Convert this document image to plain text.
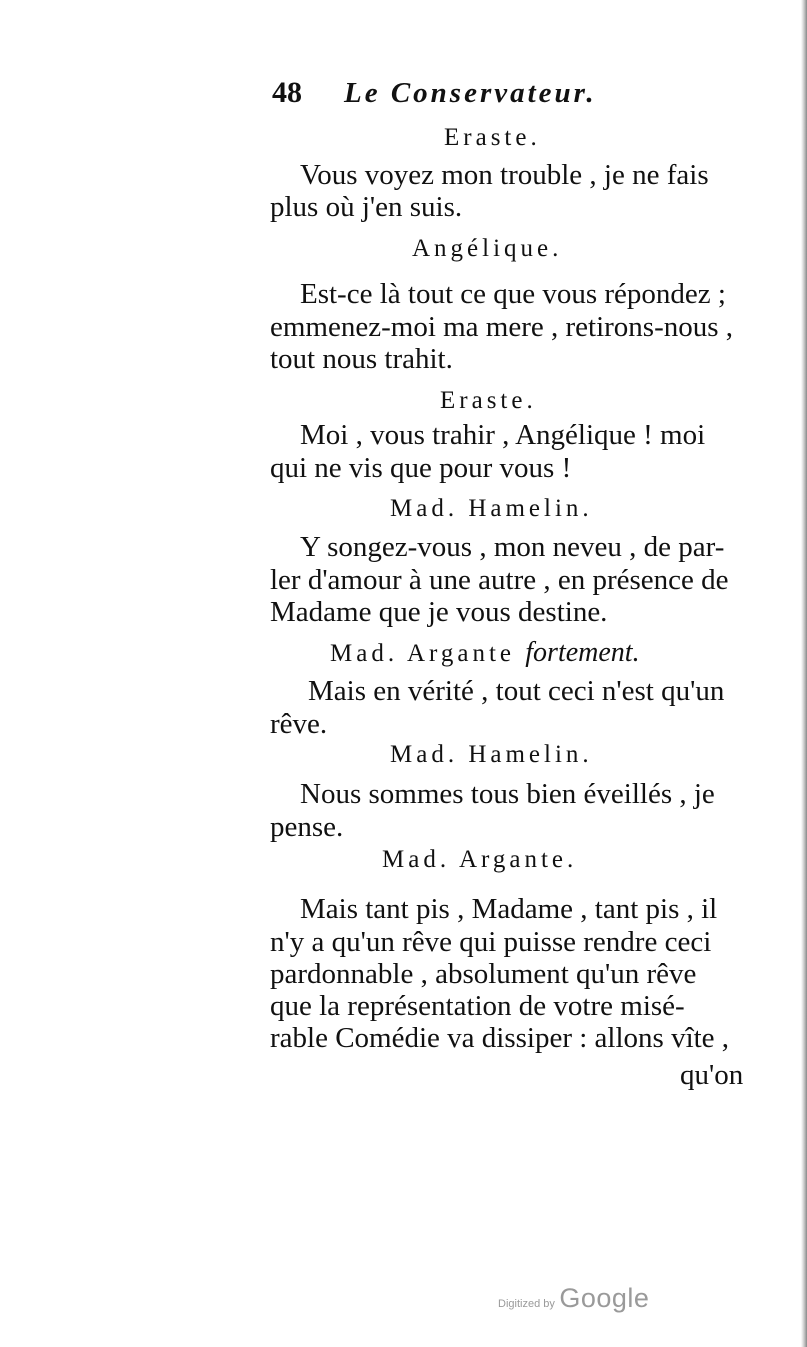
48 Le Conservateur.
Eraste.
Vous voyez mon trouble , je ne fais
plus où j'en suis.
Angélique.
Est-ce là tout ce que vous répondez ;
emmenez-moi ma mere , retirons-nous ,
tout nous trahit.
Eraste.
Moi , vous trahir , Angélique ! moi
qui ne vis que pour vous !
Mad. Hamelin.
Y songez-vous , mon neveu , de par-
ler d'amour à une autre , en présence de
Madame que je vous destine.
Mad. Argante fortement.
Mais en vérité , tout ceci n'est qu'un
rêve.
Mad. Hamelin.
Nous sommes tous bien éveillés , je
pense.
Mad. Argante.
Mais tant pis , Madame , tant pis , il
n'y a qu'un rêve qui puisse rendre ceci
pardonnable , absolument qu'un rêve
que la représentation de votre misé-
rable Comédie va dissiper : allons vîte ,
qu'on
Digitized by Google
